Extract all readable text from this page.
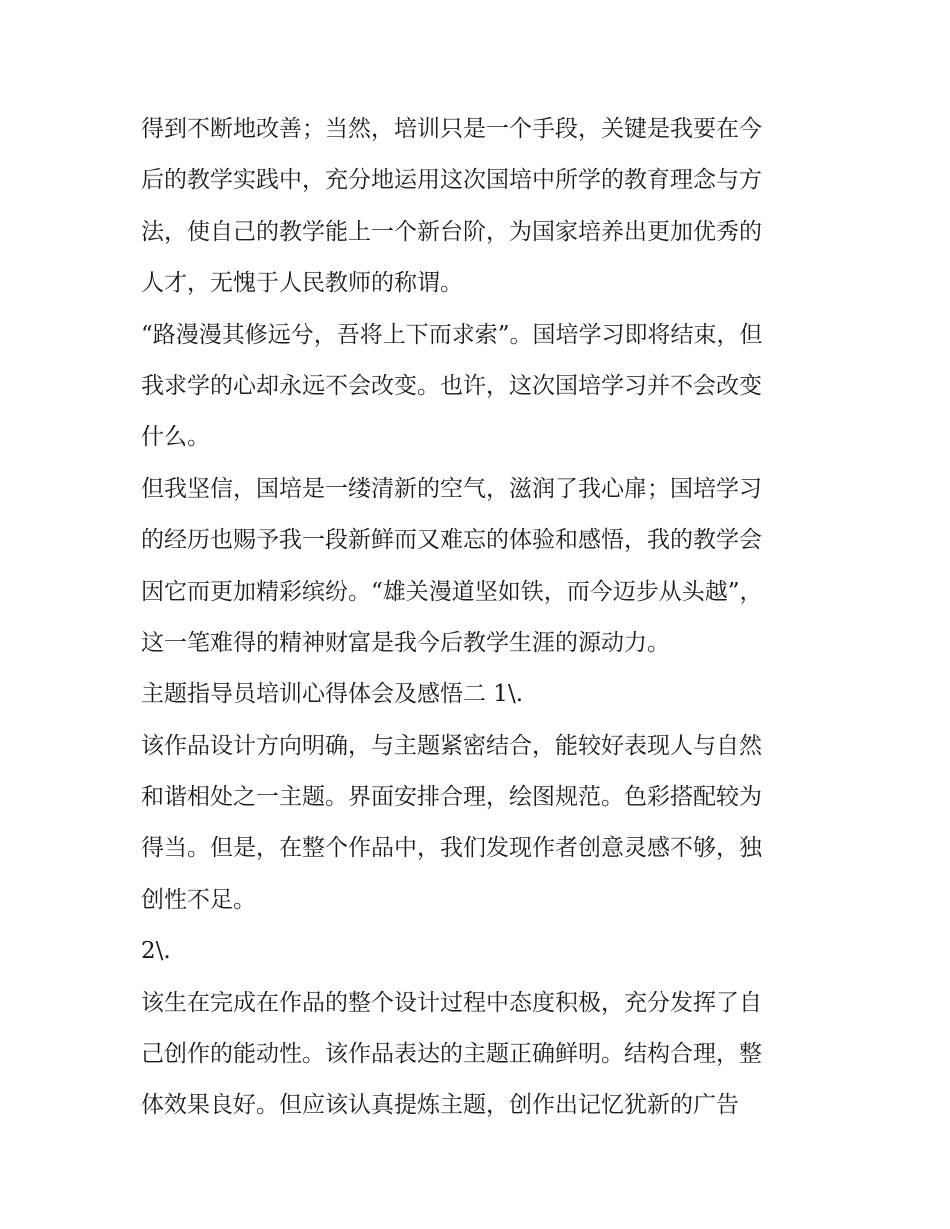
得到不断地改善；当然，培训只是一个手段，关键是我要在今
后的教学实践中，充分地运用这次国培中所学的教育理念与方
法，使自己的教学能上一个新台阶，为国家培养出更加优秀的
人才，无愧于人民教师的称谓。
“路漫漫其修远兮，吾将上下而求索”。国培学习即将结束，但
我求学的心却永远不会改变。也许，这次国培学习并不会改变
什么。
但我坚信，国培是一缕清新的空气，滋润了我心扉；国培学习
的经历也赐予我一段新鲜而又难忘的体验和感悟，我的教学会
因它而更加精彩缤纷。“雄关漫道坚如铁，而今迈步从头越”，
这一笔难得的精神财富是我今后教学生涯的源动力。
主题指导员培训心得体会及感悟二 1\.
该作品设计方向明确，与主题紧密结合，能较好表现人与自然
和谐相处之一主题。界面安排合理，绘图规范。色彩搭配较为
得当。但是，在整个作品中，我们发现作者创意灵感不够，独
创性不足。
2\.
该生在完成在作品的整个设计过程中态度积极，充分发挥了自
己创作的能动性。该作品表达的主题正确鲜明。结构合理，整
体效果良好。但应该认真提炼主题，创作出记忆犹新的广告
